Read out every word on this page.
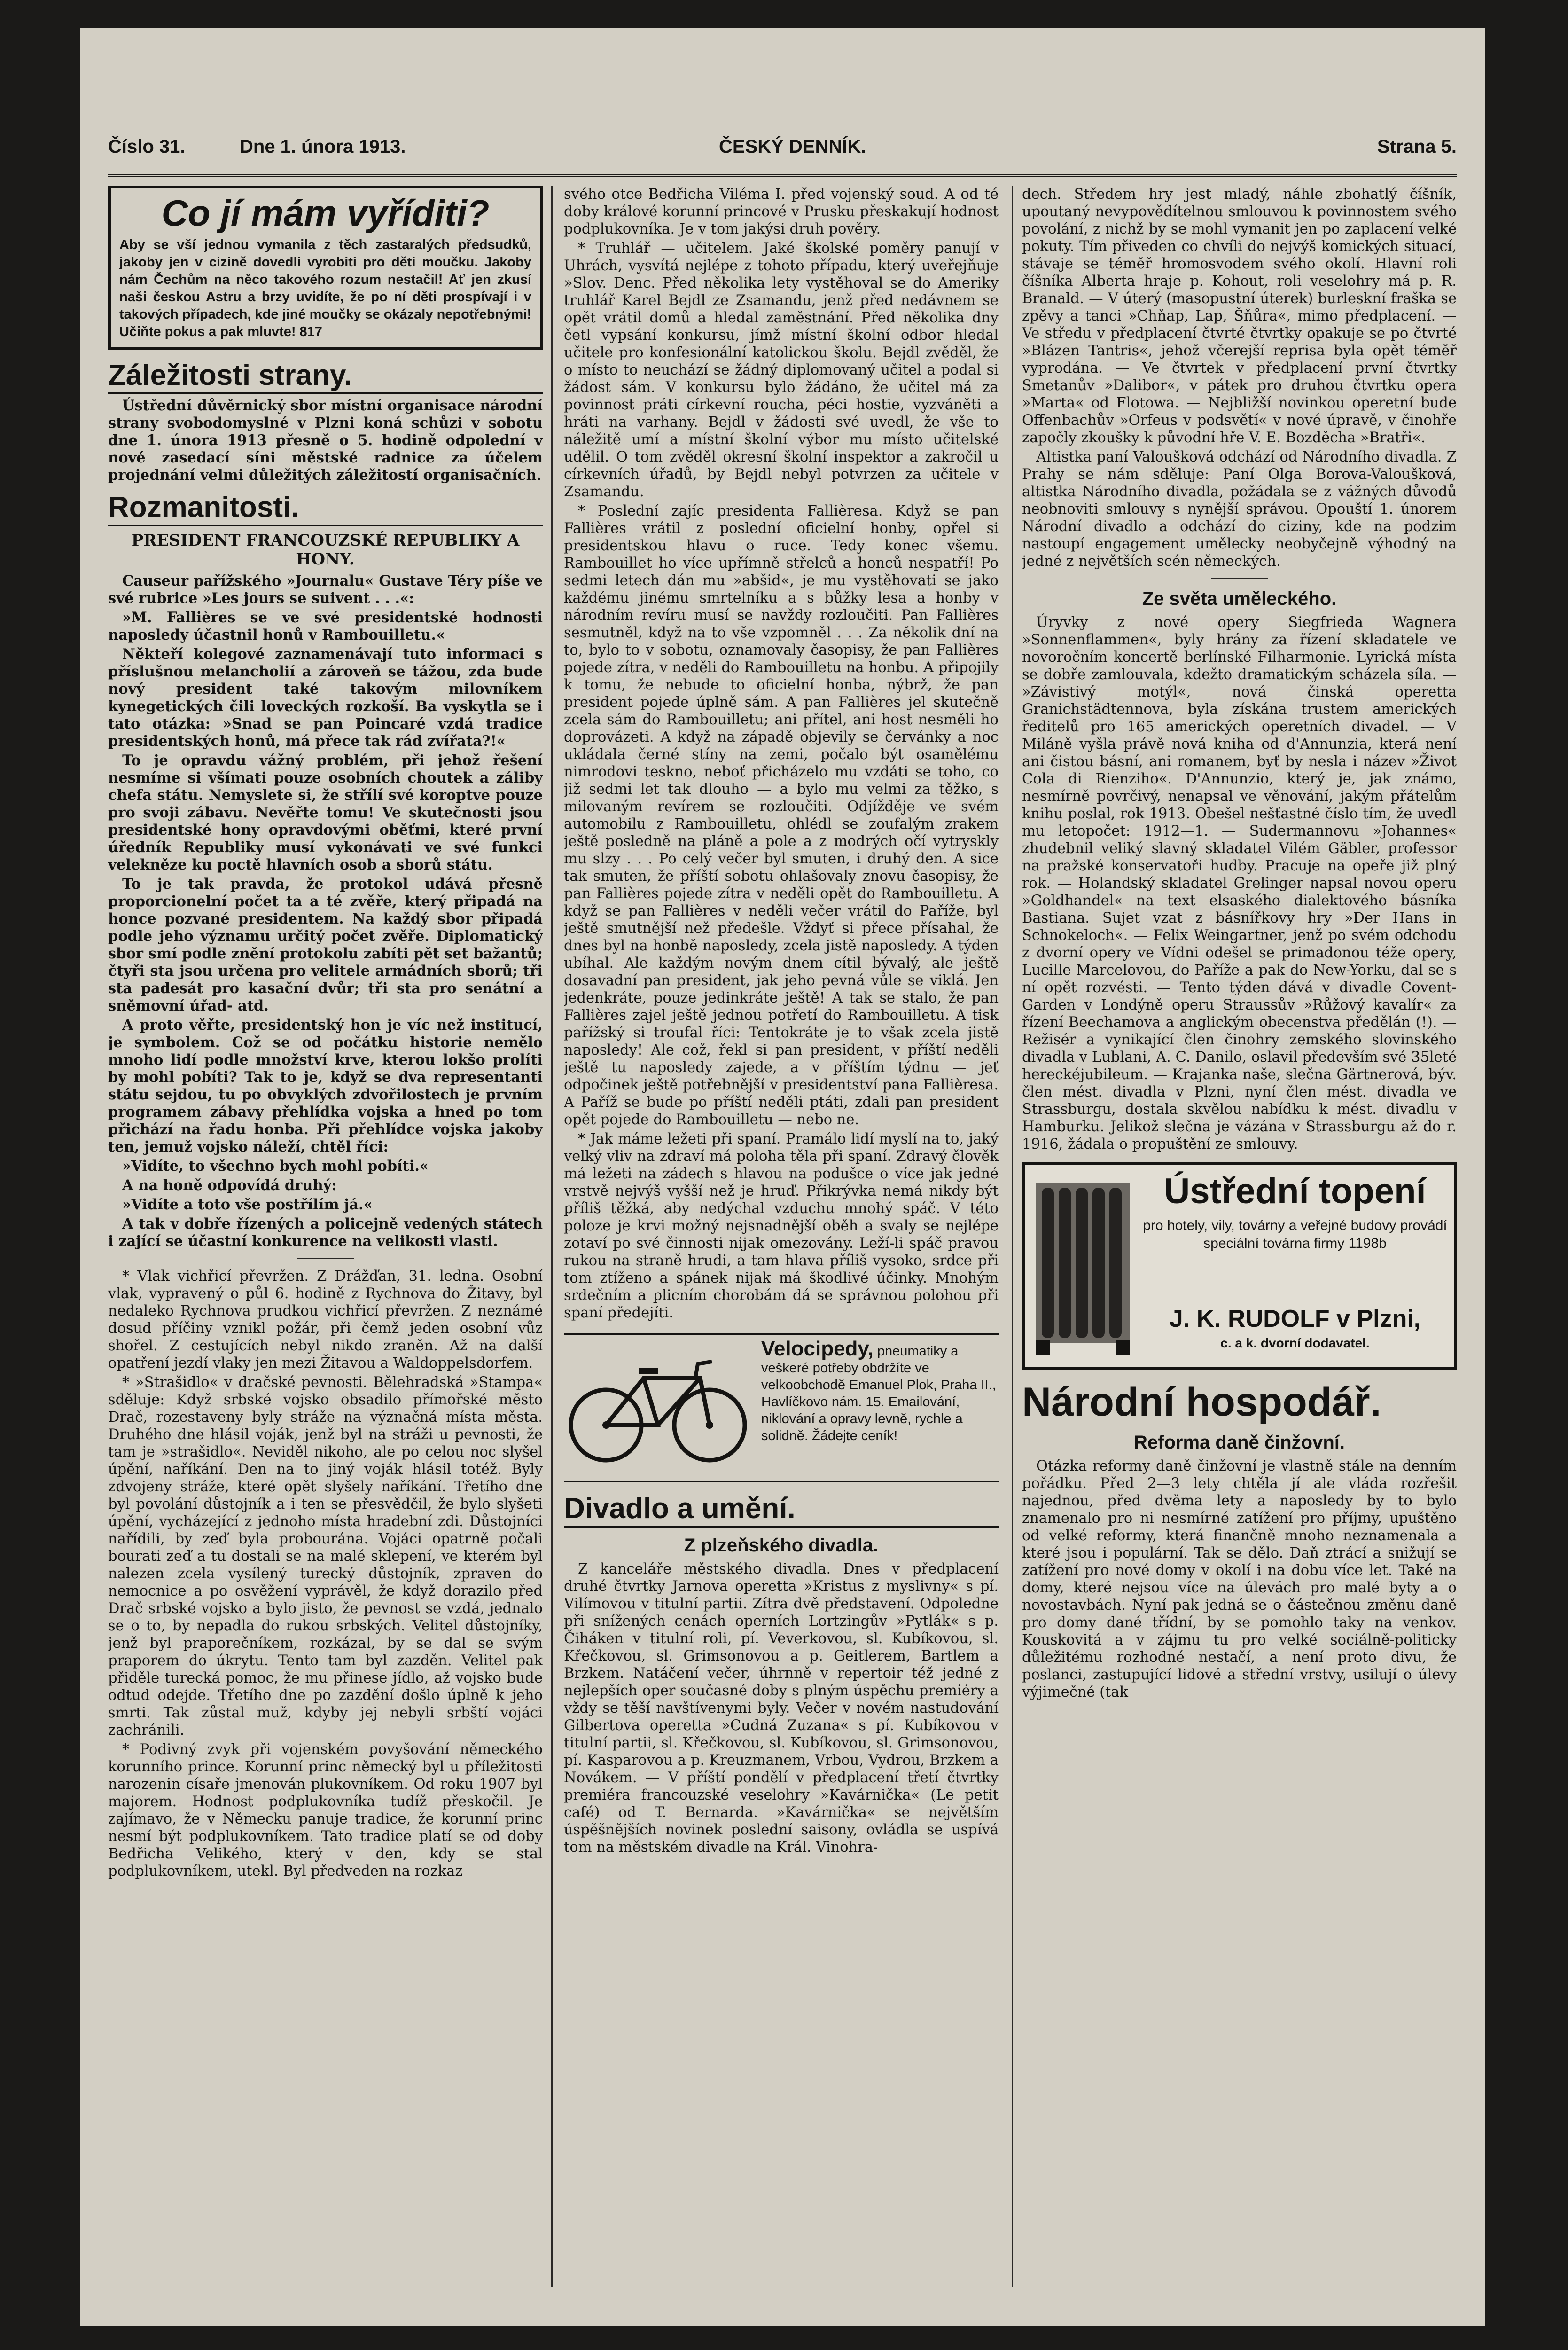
Číslo 31.	Dne 1. února 1913.	ČESKÝ DENNÍK.	Strana 5.
Co jí mám vyříditi?
Aby se vší jednou vymanila z těch zastaralých předsudků, jakoby jen v cizině dovedli vyrobiti pro děti moučku. Jakoby nám Čechům na něco takového rozum nestačil! Ať jen zkusí naši českou Astru a brzy uvidíte, že po ní děti prospívají i v takových případech, kde jiné moučky se okázaly nepotřebnými! Učiňte pokus a pak mluvte! 817
Záležitosti strany.

Ústřední důvěrnický sbor místní organisace národní strany svobodomyslné v Plzni koná schůzi v sobotu dne 1. února 1913 přesně o 5. hodině odpolední v nové zasedací síni městské radnice za účelem projednání velmi důležitých záležitostí organisačních.

Rozmanitosti.
PRESIDENT FRANCOUZSKÉ REPUBLIKY A HONY.

Causeur pařížského »Journalu« Gustave Téry píše ve své rubrice »Les jours se suivent . . .«:

»M. Fallières se ve své presidentské hodnosti naposledy účastnil honů v Rambouilletu.«

Někteří kolegové zaznamenávají tuto informaci s příslušnou melancholií a zároveň se tážou, zda bude nový president také takovým milovníkem kynegetických čili loveckých rozkoší. Ba vyskytla se i tato otázka: »Snad se pan Poincaré vzdá tradice presidentských honů, má přece tak rád zvířata?!«

To je opravdu vážný problém, při jehož řešení nesmíme si všímati pouze osobních choutek a záliby chefa státu. Nemyslete si, že střílí své koroptve pouze pro svoji zábavu. Nevěřte tomu! Ve skutečnosti jsou presidentské hony opravdovými oběťmi, které první úředník Republiky musí vykonávati ve své funkci velekněze ku poctě hlavních osob a sborů státu.

To je tak pravda, že protokol udává přesně proporcionelní počet ta a té zvěře, který připadá na honce pozvané presidentem. Na každý sbor připadá podle jeho významu určitý počet zvěře. Diplomatický sbor smí podle znění protokolu zabíti pět set bažantů; čtyři sta jsou určena pro velitele armádních sborů; tři sta padesát pro kasační dvůr; tři sta pro senátní a sněmovní úřad- atd.

A proto věřte, presidentský hon je víc než institucí, je symbolem. Což se od počátku historie nemělo mnoho lidí podle množství krve, kterou lokšo prolíti by mohl pobíti? Tak to je, když se dva representanti státu sejdou, tu po obvyklých zdvořilostech je prvním programem zábavy přehlídka vojska a hned po tom přichází na řadu honba. Při přehlídce vojska jakoby ten, jemuž vojsko náleží, chtěl říci:

»Vidíte, to všechno bych mohl pobíti.«

A na honě odpovídá druhý:

»Vidíte a toto vše postřílím já.«

A tak v dobře řízených a policejně vedených státech i zající se účastní konkurence na velikosti vlasti.

* Vlak vichřicí převržen. Z Drážďan, 31. ledna. Osobní vlak, vypravený o půl 6. hodině z Rychnova do Žitavy, byl nedaleko Rychnova prudkou vichřicí převržen. Z neznámé dosud příčiny vznikl požár, při čemž jeden osobní vůz shořel. Z cestujících nebyl nikdo zraněn. Až na další opatření jezdí vlaky jen mezi Žitavou a Waldoppelsdorfem.

* »Strašidlo« v dračské pevnosti. Bělehradská »Stampa« sděluje: Když srbské vojsko obsadilo přímořské město Drač, rozestaveny byly stráže na význačná místa města. Druhého dne hlásil voják, jenž byl na stráži u pevnosti, že tam je »strašidlo«. Neviděl nikoho, ale po celou noc slyšel úpění, naříkání. Den na to jiný voják hlásil totéž. Byly zdvojeny stráže, které opět slyšely naříkání. Třetího dne byl povolání důstojník a i ten se přesvědčil, že bylo slyšeti úpění, vycházející z jednoho místa hradební zdi. Důstojníci nařídili, by zeď byla probourána. Vojáci opatrně počali bourati zeď a tu dostali se na malé sklepení, ve kterém byl nalezen zcela vysílený turecký důstojník, zpraven do nemocnice a po osvěžení vyprávěl, že když dorazilo před Drač srbské vojsko a bylo jisto, že pevnost se vzdá, jednalo se o to, by nepadla do rukou srbských. Velitel důstojníky, jenž byl praporečníkem, rozkázal, by se dal se svým praporem do úkrytu. Tento tam byl zazděn. Velitel pak přiděle turecká pomoc, že mu přinese jídlo, až vojsko bude odtud odejde. Třetího dne po zazdění došlo úplně k jeho smrti. Tak zůstal muž, kdyby jej nebyli srbští vojáci zachránili.

* Podivný zvyk při vojenském povyšování německého korunního prince. Korunní princ německý byl u příležitosti narozenin císaře jmenován plukovníkem. Od roku 1907 byl majorem. Hodnost podplukovníka tudíž přeskočil. Je zajímavo, že v Německu panuje tradice, že korunní princ nesmí být podplukovníkem. Tato tradice platí se od doby Bedřicha Velikého, který v den, kdy se stal podplukovníkem, utekl. Byl předveden na rozkaz

svého otce Bedřicha Viléma I. před vojenský soud. A od té doby králové korunní princové v Prusku přeskakují hodnost podplukovníka. Je v tom jakýsi druh pověry.

* Truhlář — učitelem. Jaké školské poměry panují v Uhrách, vysvítá nejlépe z tohoto případu, který uveřejňuje »Slov. Denc. Před několika lety vystěhoval se do Ameriky truhlář Karel Bejdl ze Zsamandu, jenž před nedávnem se opět vrátil domů a hledal zaměstnání. Před několika dny četl vypsání konkursu, jímž místní školní odbor hledal učitele pro konfesionální katolickou školu. Bejdl zvěděl, že o místo to neuchází se žádný diplomovaný učitel a podal si žádost sám. V konkursu bylo žádáno, že učitel má za povinnost práti církevní roucha, péci hostie, vyzváněti a hráti na varhany. Bejdl v žádosti své uvedl, že vše to náležitě umí a místní školní výbor mu místo učitelské udělil. O tom zvěděl okresní školní inspektor a zakročil u církevních úřadů, by Bejdl nebyl potvrzen za učitele v Zsamandu.

* Poslední zajíc presidenta Fallièresa. Když se pan Fallières vrátil z poslední oficielní honby, opřel si presidentskou hlavu o ruce. Tedy konec všemu. Rambouillet ho více upřímně střelců a honců nespatří! Po sedmi letech dán mu »abšid«, je mu vystěhovati se jako každému jinému smrtelníku a s bůžky lesa a honby v národním revíru musí se navždy rozloučiti. Pan Fallières sesmutněl, když na to vše vzpomněl . . . Za několik dní na to, bylo to v sobotu, oznamovaly časopisy, že pan Fallières pojede zítra, v neděli do Rambouilletu na honbu. A připojily k tomu, že nebude to oficielní honba, nýbrž, že pan president pojede úplně sám. A pan Fallières jel skutečně zcela sám do Rambouilletu; ani přítel, ani host nesměli ho doprovázeti. A když na západě objevily se červánky a noc ukládala černé stíny na zemi, počalo být osamělému nimrodovi teskno, neboť přicházelo mu vzdáti se toho, co již sedmi let tak dlouho — a bylo mu velmi za těžko, s milovaným revírem se rozloučiti. Odjížděje ve svém automobilu z Rambouilletu, ohlédl se zoufalým zrakem ještě posledně na pláně a pole a z modrých očí vytryskly mu slzy . . . Po celý večer byl smuten, i druhý den. A sice tak smuten, že příští sobotu ohlašovaly znovu časopisy, že pan Fallières pojede zítra v neděli opět do Rambouilletu. A když se pan Fallières v neděli večer vrátil do Paříže, byl ještě smutnější než předešle. Vždyť si přece přísahal, že dnes byl na honbě naposledy, zcela jistě naposledy. A týden ubíhal. Ale každým novým dnem cítil bývalý, ale ještě dosavadní pan president, jak jeho pevná vůle se viklá. Jen jedenkráte, pouze jedinkráte ještě! A tak se stalo, že pan Fallières zajel ještě jednou potřetí do Rambouilletu. A tisk pařížský si troufal říci: Tentokráte je to však zcela jistě naposledy! Ale což, řekl si pan president, v příští neděli ještě tu naposledy zajede, a v příštím týdnu — jeť odpočinek ještě potřebnější v presidentství pana Fallièresa. A Paříž se bude po příští neděli ptáti, zdali pan president opět pojede do Rambouilletu — nebo ne.

* Jak máme ležeti při spaní. Pramálo lidí myslí na to, jaký velký vliv na zdraví má poloha těla při spaní. Zdravý člověk má ležeti na zádech s hlavou na podušce o více jak jedné vrstvě nejvýš vyšší než je hruď. Přikrývka nemá nikdy být příliš těžká, aby nedýchal vzduchu mnohý spáč. V této poloze je krvi možný nejsnadnější oběh a svaly se nejlépe zotaví po své činnosti nijak omezovány. Leží-li spáč pravou rukou na straně hrudi, a tam hlava příliš vysoko, srdce při tom ztíženo a spánek nijak má škodlivé účinky. Mnohým srdečním a plicním chorobám dá se správnou polohou při spaní předejíti.

Velocipedy, pneumatiky a veškeré potřeby obdržíte ve velkoobchodě Emanuel Plok, Praha II., Havlíčkovo nám. 15. Emailování, niklování a opravy levně, rychle a solidně. Žádejte ceník!
Divadlo a umění.
Z plzeňského divadla.

Z kanceláře městského divadla. Dnes v předplacení druhé čtvrtky Jarnova operetta »Kristus z myslivny« s pí. Vilímovou v titulní partii. Zítra dvě představení. Odpoledne při snížených cenách operních Lortzingův »Pytlák« s p. Čiháken v titulní roli, pí. Veverkovou, sl. Kubíkovou, sl. Křečkovou, sl. Grimsonovou a p. Geitlerem, Bartlem a Brzkem. Natáčení večer, úhrnně v repertoir též jedné z nejlepších oper současné doby s plným úspěchu premiéry a vždy se těší navštívenymi byly. Večer v novém nastudování Gilbertova operetta »Cudná Zuzana« s pí. Kubíkovou v titulní partii, sl. Křečkovou, sl. Kubíkovou, sl. Grimsonovou, pí. Kasparovou a p. Kreuzmanem, Vrbou, Vydrou, Brzkem a Novákem. — V příští pondělí v předplacení třetí čtvrtky premiéra francouzské veselohry »Kavárnička« (Le petit café) od T. Bernarda. »Kavárnička« se největším úspěšnějších novinek poslední saisony, ovládla se uspívá tom na městském divadle na Král. Vinohra-

dech. Středem hry jest mladý, náhle zbohatlý číšník, upoutaný nevypovědítelnou smlouvou k povinnostem svého povolání, z nichž by se mohl vymanit jen po zaplacení velké pokuty. Tím přiveden co chvíli do nejvýš komických situací, stávaje se téměř hromosvodem svého okolí. Hlavní roli číšníka Alberta hraje p. Kohout, roli veselohry má p. R. Branald. — V úterý (masopustní úterek) burleskní fraška se zpěvy a tanci »Chňap, Lap, Šňůra«, mimo předplacení. — Ve středu v předplacení čtvrté čtvrtky opakuje se po čtvrté »Blázen Tantris«, jehož včerejší reprisa byla opět téměř vyprodána. — Ve čtvrtek v předplacení první čtvrtky Smetanův »Dalibor«, v pátek pro druhou čtvrtku opera »Marta« od Flotowa. — Nejbližší novinkou operetní bude Offenbachův »Orfeus v podsvětí« v nové úpravě, v činohře započly zkoušky k původní hře V. E. Bozděcha »Bratři«.

Altistka paní Valoušková odchází od Národního divadla. Z Prahy se nám sděluje: Paní Olga Borova-Valoušková, altistka Národního divadla, požádala se z vážných důvodů neobnoviti smlouvy s nynější správou. Opouští 1. únorem Národní divadlo a odchází do ciziny, kde na podzim nastoupí engagement umělecky neobyčejně výhodný na jedné z největších scén německých.

Ze světa uměleckého.

Úryvky z nové opery Siegfrieda Wagnera »Sonnenflammen«, byly hrány za řízení skladatele ve novoročním koncertě berlínské Filharmonie. Lyrická místa se dobře zamlouvala, kdežto dramatickým scházela síla. — »Závistivý motýl«, nová činská operetta Granichstädtennova, byla získána trustem amerických ředitelů pro 165 amerických operetních divadel. — V Miláně vyšla právě nová kniha od d'Annunzia, která není ani čistou básní, ani romanem, byť by nesla i název »Život Cola di Rienziho«. D'Annunzio, který je, jak známo, nesmírně povrčivý, nenapsal ve věnování, jakým přátelům knihu poslal, rok 1913. Obešel nešťastné číslo tím, že uvedl mu letopočet: 1912—1. — Sudermannovu »Johannes« zhudebnil veliký slavný skladatel Vilém Gäbler, professor na pražské konservatoři hudby. Pracuje na opeře již plný rok. — Holandský skladatel Grelinger napsal novou operu »Goldhandel« na text elsaského dialektového básníka Bastiana. Sujet vzat z básnířkovy hry »Der Hans in Schnokeloch«. — Felix Weingartner, jenž po svém odchodu z dvorní opery ve Vídni odešel se primadonou téže opery, Lucille Marcelovou, do Paříže a pak do New-Yorku, dal se s ní opět rozvésti. — Tento týden dává v divadle Covent-Garden v Londýně operu Straussův »Růžový kavalír« za řízení Beechamova a anglickým obecenstva předělán (!). — Režisér a vynikající člen činohry zemského slovinského divadla v Lublani, A. C. Danilo, oslavil především své 35leté hereckéjubileum. — Krajanka naše, slečna Gärtnerová, býv. člen mést. divadla v Plzni, nyní člen mést. divadla ve Strassburgu, dostala skvělou nabídku k mést. divadlu v Hamburku. Jelikož slečna je vázána v Strassburgu až do r. 1916, žádala o propuštění ze smlouvy.

Ústřední topení
pro hotely, vily, továrny a veřejné budovy provádí speciální továrna firmy 1198b
J. K. RUDOLF v Plzni,
c. a k. dvorní dodavatel.
Národní hospodář.
Reforma daně činžovní.

Otázka reformy daně činžovní je vlastně stále na denním pořádku. Před 2—3 lety chtěla jí ale vláda rozřešit najednou, před dvěma lety a naposledy by to bylo znamenalo pro ni nesmírné zatížení pro příjmy, upuštěno od velké reformy, která finančně mnoho neznamenala a které jsou i populární. Tak se dělo. Daň ztrácí a snižují se zatížení pro nové domy v okolí i na dobu více let. Také na domy, které nejsou více na úlevách pro malé byty a o novostavbách. Nyní pak jedná se o částečnou změnu daně pro domy dané třídní, by se pomohlo taky na venkov. Kouskovitá a v zájmu tu pro velké sociálně-politicky důležitému rozhodné nestačí, a není proto divu, že poslanci, zastupující lidové a střední vrstvy, usilují o úlevy výjimečné (tak
